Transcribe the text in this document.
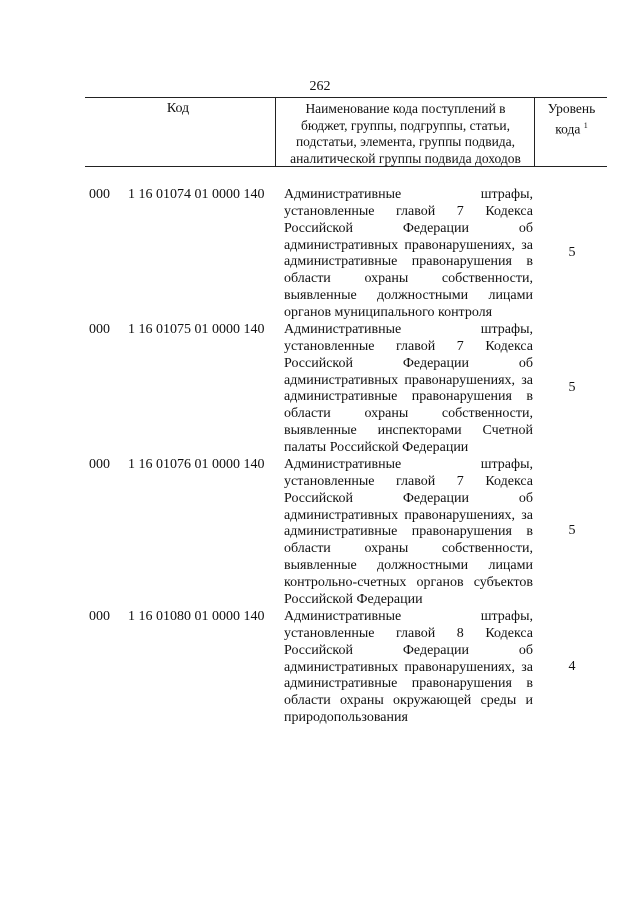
262
Код	Наименование кода поступлений в
бюджет, группы, подгруппы, статьи,
подстатьи, элемента, группы подвида,
аналитической группы подвида доходов
Уровень
кода $^1$
000 1 16 01074 01 0000 140 Административные штрафы,
установленные главой 7 Кодекса
Российской Федерации об
административных правонарушениях, за
административные правонарушения в
области охраны собственности,
выявленные должностными лицами
органов муниципального контроля
5
000 1 16 01075 01 0000 140 Административные штрафы,
установленные главой 7 Кодекса
Российской Федерации об
административных правонарушениях, за
административные правонарушения в
области охраны собственности,
выявленные инспекторами Счетной
палаты Российской Федерации
5
000 1 16 01076 01 0000 140 Административные штрафы,
установленные главой 7 Кодекса
Российской Федерации об
административных правонарушениях, за
административные правонарушения в
области охраны собственности,
выявленные должностными лицами
контрольно-счетных органов субъектов
Российской Федерации
5
000 1 16 01080 01 0000 140 Административные штрафы,
установленные главой 8 Кодекса
Российской Федерации об
административных правонарушениях, за
административные правонарушения в
области охраны окружающей среды и
природопользования
4
